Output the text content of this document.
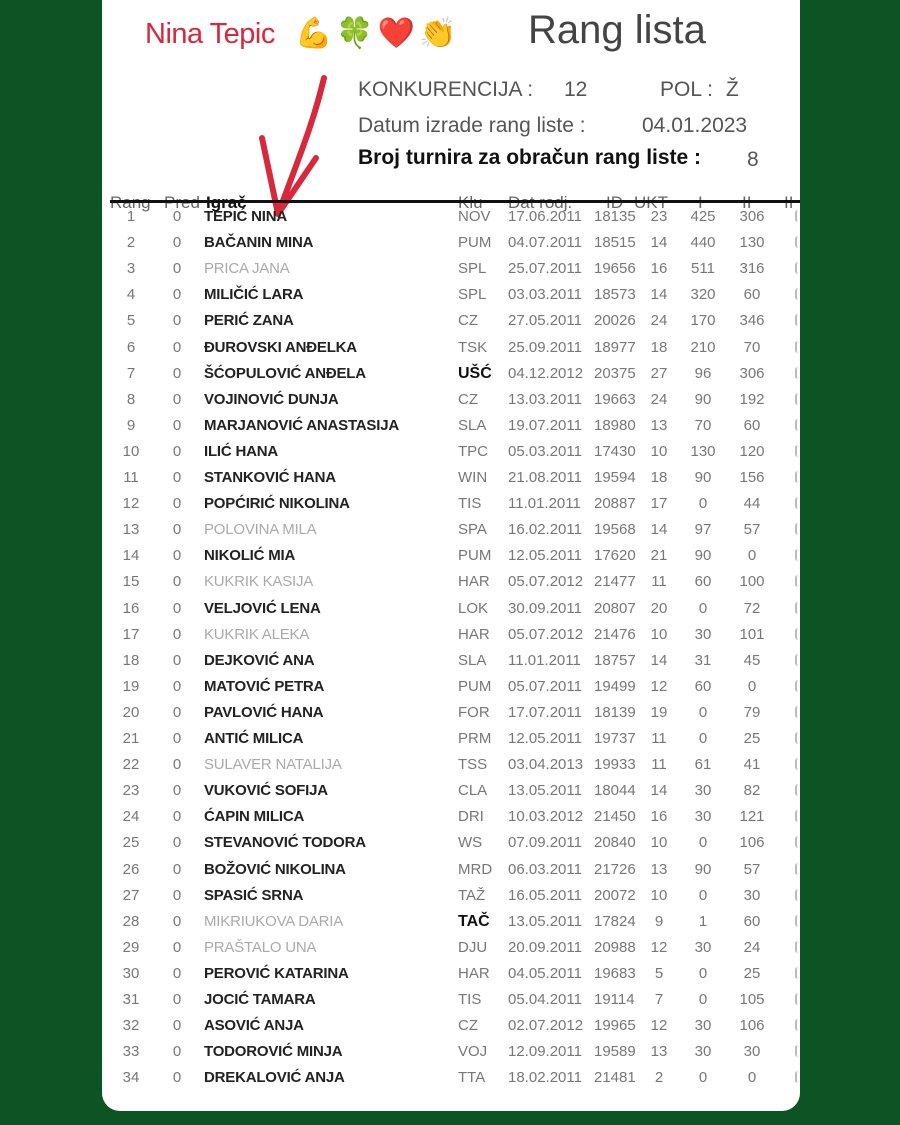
Nina Tepic 💪🍀❤️👏 Rang lista
KONKURENCIJA : 12	POL : Ž
Datum izrade rang liste :	04.01.2023
Broj turnira za obračun rang liste : 8
1	0 TEPIĆ NINA	NOV 17.06.2011 18135 23	425	306
2	0 BAČANIN MINA	PUM 04.07.2011 18515 14	440	130
3	0 PRICA JANA	SPL 25.07.2011 19656 16	511	316
4	0 MILIČIĆ LARA	SPL 03.03.2011 18573 14	320	60
5	0 PERIĆ ZANA	CZ 27.05.2011 20026 24	170	346
6	0 ĐUROVSKI ANĐELKA	TSK 25.09.2011 18977 18	210	70
7	0 ŠĆOPULOVIĆ ANĐELA	UŠĆ 04.12.2012 20375 27	96	306
8	0 VOJINOVIĆ DUNJA	CZ 13.03.2011 19663 24	90	192
9	0 MARJANOVIĆ ANASTASIJA	SLA 19.07.2011 18980 13	70	60
10	0 ILIĆ HANA	TPC 05.03.2011 17430 10	130	120
11	0 STANKOVIĆ HANA	WIN 21.08.2011 19594 18	90	156
12	0 POPĆIRIĆ NIKOLINA	TIS 11.01.2011 20887 17	0	44
13	0 POLOVINA MILA	SPA 16.02.2011 19568 14	97	57
14	0 NIKOLIĆ MIA	PUM 12.05.2011 17620 21	90	0
15	0 KUKRIK KASIJA	HAR 05.07.2012 21477	11	60	100
16	0 VELJOVIĆ LENA	LOK 30.09.2011 20807 20	0	72
17	0 KUKRIK ALEKA	HAR 05.07.2012 21476 10	30	101
18	0 DEJKOVIĆ ANA	SLA 11.01.2011 18757 14	31	45
19	0 MATOVIĆ PETRA	PUM 05.07.2011 19499 12	60	0
20	0 PAVLOVIĆ HANA	FOR 17.07.2011 18139 19	0	79
21	0 ANTIĆ MILICA	PRM 12.05.2011 19737	11	0	25
22	0 SULAVER NATALIJA	TSS 03.04.2013 19933	11	61	41
23	0 VUKOVIĆ SOFIJA	CLA 13.05.2011 18044 14	30	82
24	0 ĆAPIN MILICA	DRI 10.03.2012 21450 16	30	121
25	0 STEVANOVIĆ TODORA	WS 07.09.2011 20840 10	0	106
26	0 BOŽOVIĆ NIKOLINA	MRD 06.03.2011 21726 13	90	57
27	0 SPASIĆ SRNA	TAŽ 16.05.2011 20072 10	0	30
28	0 MIKRIUKOVA DARIA	TAČ 13.05.2011 17824	9	1	60
29	0 PRAŠTALO UNA	DJU 20.09.2011 20988 12	30	24
30	0 PEROVIĆ KATARINA	HAR 04.05.2011 19683	5	0	25
31	0 JOCIĆ TAMARA	TIS 05.04.2011 19114	7	0	105
32	0 ASOVIĆ ANJA	CZ 02.07.2012 19965 12	30	106
33	0 TODOROVIĆ MINJA	VOJ 12.09.2011 19589 13	30	30
34	0 DREKALOVIĆ ANJA	TTA 18.02.2011 21481	2	0	0
